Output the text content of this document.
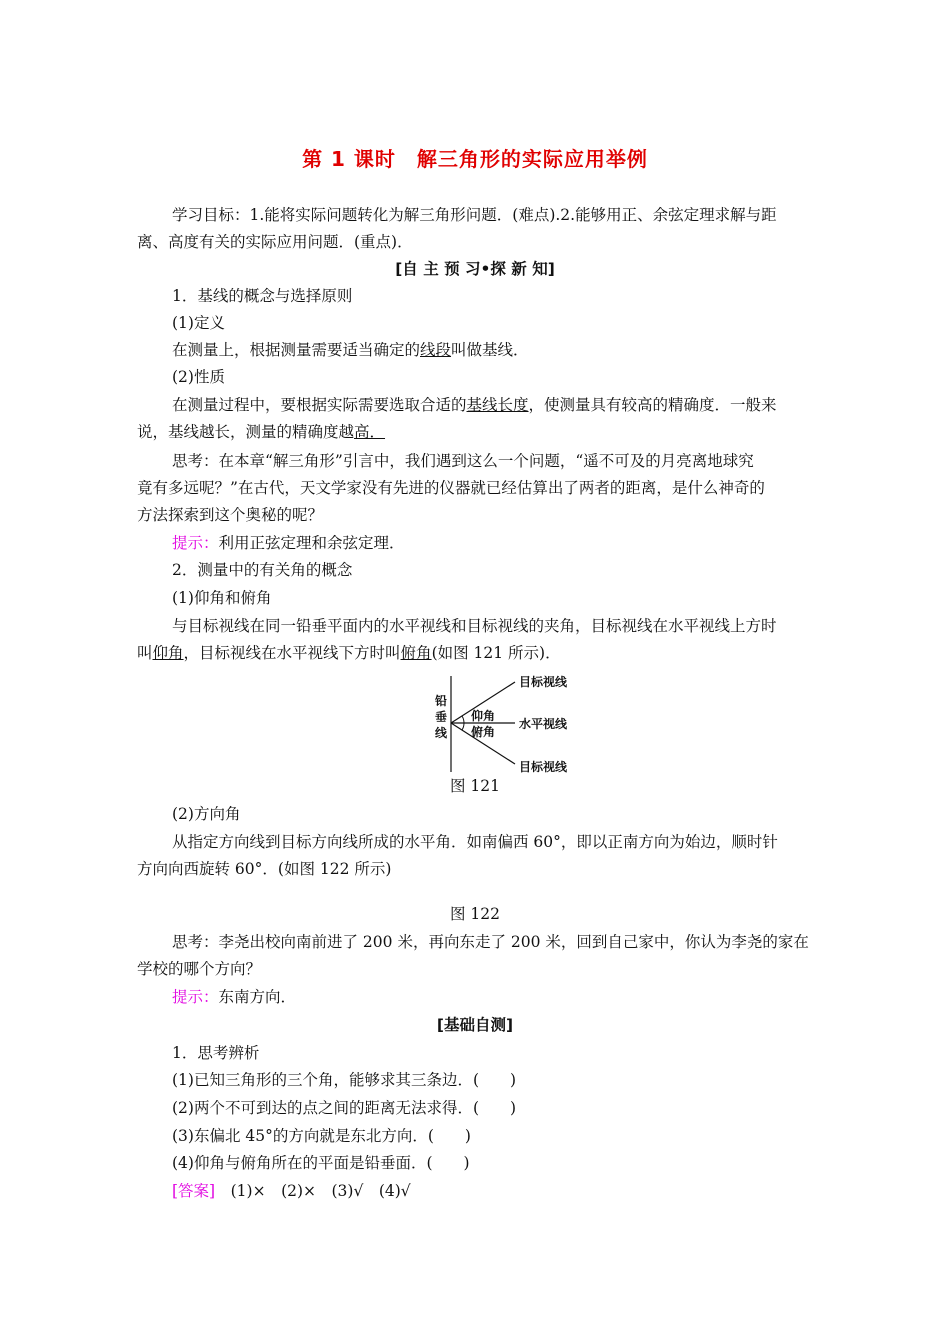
第 1 课时　解三角形的实际应用举例
学习目标：1.能将实际问题转化为解三角形问题．(难点).2.能够用正、余弦定理求解与距
离、高度有关的实际应用问题．(重点)．
[自 主 预 习•探 新 知]
1．基线的概念与选择原则
(1)定义
在测量上，根据测量需要适当确定的线段叫做基线．
(2)性质
在测量过程中，要根据实际需要选取合适的基线长度，使测量具有较高的精确度．一般来
说，基线越长，测量的精确度越高．
思考：在本章“解三角形”引言中，我们遇到这么一个问题，“遥不可及的月亮离地球究
竟有多远呢？”在古代，天文学家没有先进的仪器就已经估算出了两者的距离，是什么神奇的
方法探索到这个奥秘的呢？
提示：利用正弦定理和余弦定理．
2．测量中的有关角的概念
(1)仰角和俯角
与目标视线在同一铅垂平面内的水平视线和目标视线的夹角，目标视线在水平视线上方时
叫仰角，目标视线在水平视线下方时叫俯角(如图 121 所示)．
铅
垂
线
仰角
俯角
目标视线
水平视线
目标视线
图 121
(2)方向角
从指定方向线到目标方向线所成的水平角．如南偏西 60°，即以正南方向为始边，顺时针
方向向西旋转 60°．(如图 122 所示)
图 122
思考：李尧出校向南前进了 200 米，再向东走了 200 米，回到自己家中，你认为李尧的家在
学校的哪个方向？
提示：东南方向．
[基础自测]
1．思考辨析
(1)已知三角形的三个角，能够求其三条边．(　　)
(2)两个不可到达的点之间的距离无法求得．(　　)
(3)东偏北 45°的方向就是东北方向．(　　)
(4)仰角与俯角所在的平面是铅垂面．(　　)
[答案]　 (1)×　(2)×　(3)√　(4)√
